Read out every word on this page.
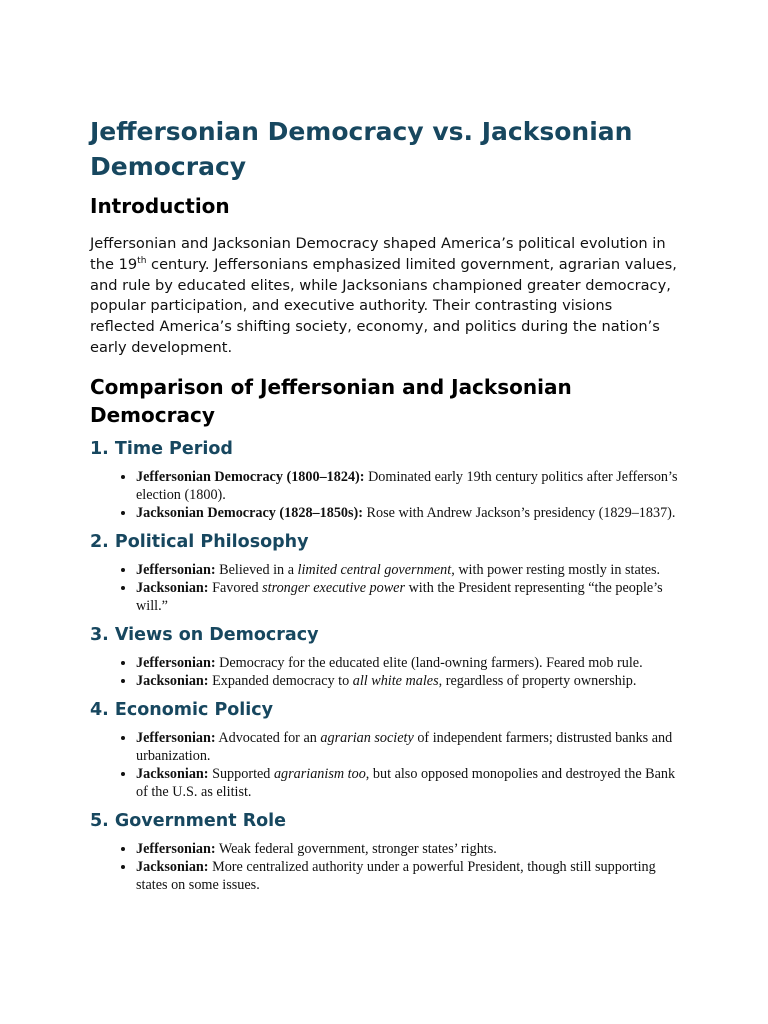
Jeffersonian Democracy vs. Jacksonian Democracy
Introduction

Jeffersonian and Jacksonian Democracy shaped America’s political evolution in the 19th century. Jeffersonians emphasized limited government, agrarian values, and rule by educated elites, while Jacksonians championed greater democracy, popular participation, and executive authority. Their contrasting visions reflected America’s shifting society, economy, and politics during the nation’s early development.

Comparison of Jeffersonian and Jacksonian Democracy
1. Time Period
• Jeffersonian Democracy (1800–1824): Dominated early 19th century politics after Jefferson’s election (1800).
• Jacksonian Democracy (1828–1850s): Rose with Andrew Jackson’s presidency (1829–1837).
2. Political Philosophy
• Jeffersonian: Believed in a limited central government, with power resting mostly in states.
• Jacksonian: Favored stronger executive power with the President representing “the people’s will.”
3. Views on Democracy
• Jeffersonian: Democracy for the educated elite (land-owning farmers). Feared mob rule.
• Jacksonian: Expanded democracy to all white males, regardless of property ownership.
4. Economic Policy
• Jeffersonian: Advocated for an agrarian society of independent farmers; distrusted banks and urbanization.
• Jacksonian: Supported agrarianism too, but also opposed monopolies and destroyed the Bank of the U.S. as elitist.
5. Government Role
• Jeffersonian: Weak federal government, stronger states’ rights.
• Jacksonian: More centralized authority under a powerful President, though still supporting states on some issues.
